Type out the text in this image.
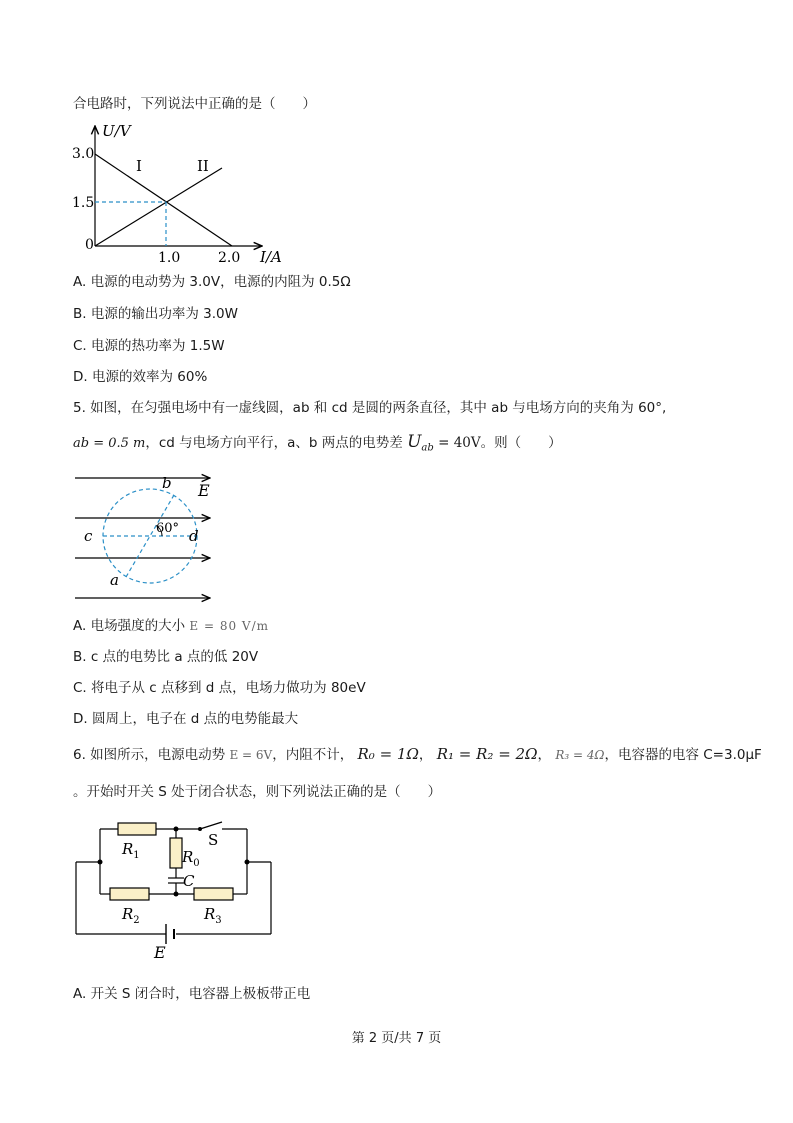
合电路时，下列说法中正确的是（　　）
U/V
3.0
1.5
0
1.0	2.0 I/A
I	II
A. 电源的电动势为 3.0V，电源的内阻为 0.5Ω
B. 电源的输出功率为 3.0W
C. 电源的热功率为 1.5W
D. 电源的效率为 60%
5. 如图，在匀强电场中有一虚线圆，ab 和 cd 是圆的两条直径，其中 ab 与电场方向的夹角为 60°,
ab = 0.5 m，cd 与电场方向平行，a、b 两点的电势差 $U_{ab} = 40V$。则（　　）
b E
60°
c	d
a
A. 电场强度的大小 E = 80 V/m
B. c 点的电势比 a 点的低 20V
C. 将电子从 c 点移到 d 点，电场力做功为 80eV
D. 圆周上，电子在 d 点的电势能最大
6. 如图所示，电源电动势 E = 6V，内阻不计， R₀ = 1Ω， R₁ = R₂ = 2Ω， R₃ = 4Ω，电容器的电容 C=3.0μF
。开始时开关 S 处于闭合状态，则下列说法正确的是（　　）
$R_1$	$R_0$
C
S
$R_2$	$R_3$
E
A. 开关 S 闭合时，电容器上极板带正电
第 2 页/共 7 页
